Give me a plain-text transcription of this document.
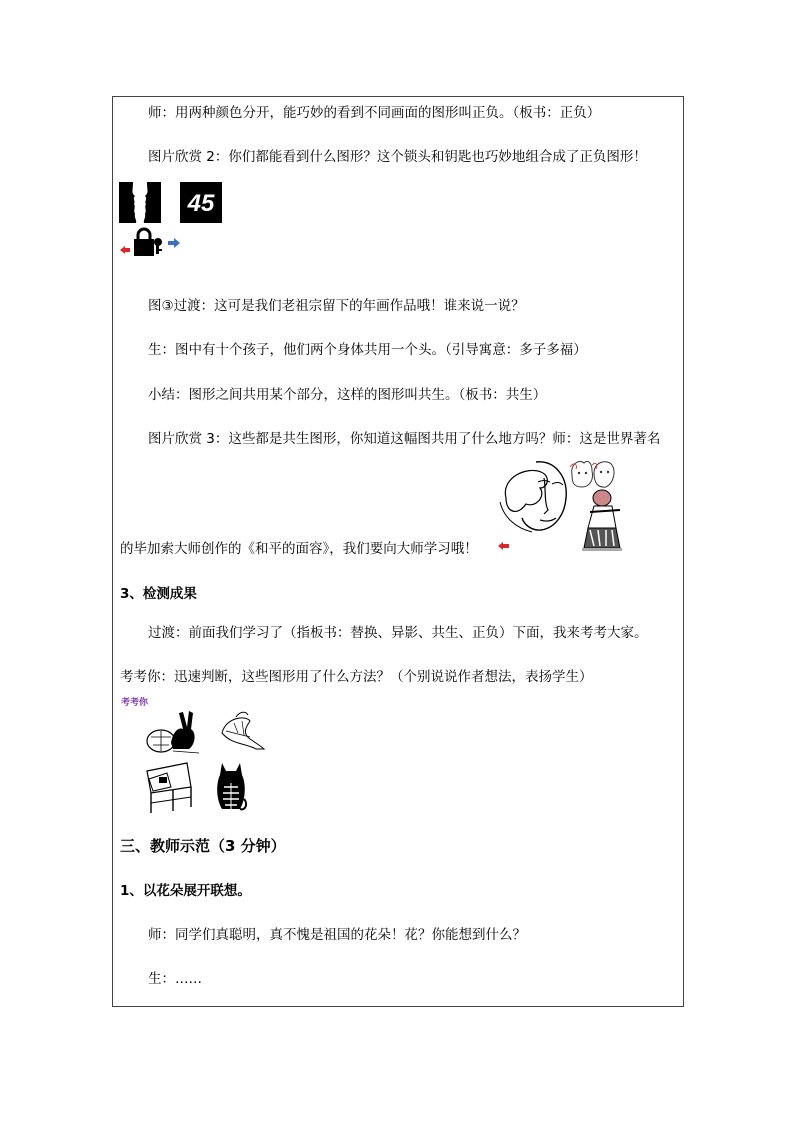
师：用两种颜色分开，能巧妙的看到不同画面的图形叫正负。（板书：正负）
图片欣赏 2：你们都能看到什么图形？这个锁头和钥匙也巧妙地组合成了正负图形！
45
图③过渡：这可是我们老祖宗留下的年画作品哦！谁来说一说？
生：图中有十个孩子，他们两个身体共用一个头。（引导寓意：多子多福）
小结：图形之间共用某个部分，这样的图形叫共生。（板书：共生）
图片欣赏 3：这些都是共生图形，你知道这幅图共用了什么地方吗？师：这是世界著名
的毕加索大师创作的《和平的面容》，我们要向大师学习哦！
3、检测成果
过渡：前面我们学习了（指板书：替换、异影、共生、正负）下面，我来考考大家。
考考你：迅速判断，这些图形用了什么方法？（个别说说作者想法，表扬学生）
考考你
三、教师示范（3 分钟）
1、以花朵展开联想。
师：同学们真聪明，真不愧是祖国的花朵！花？你能想到什么？
生：……
